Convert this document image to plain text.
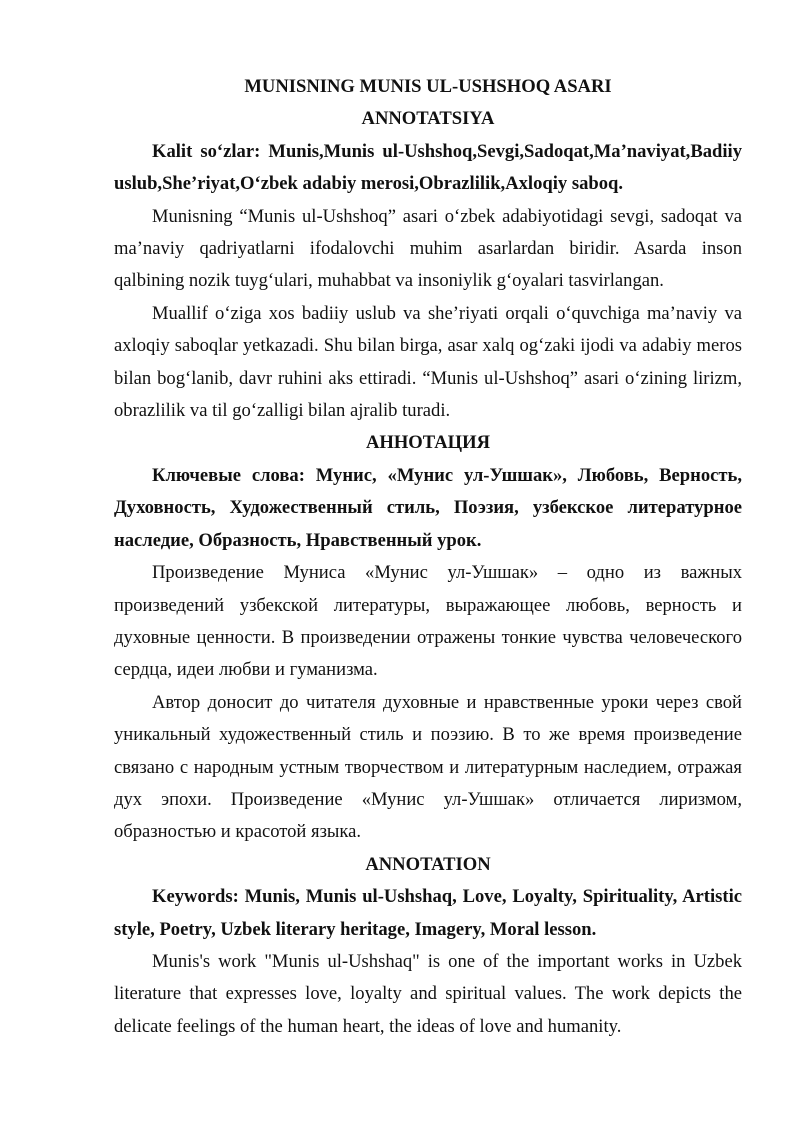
MUNISNING MUNIS UL-USHSHOQ ASARI

ANNOTATSIYA

Kalit so‘zlar: Munis,Munis ul-Ushshoq,Sevgi,Sadoqat,Ma’naviyat,Badiiy uslub,She’riyat,O‘zbek adabiy merosi,Obrazlilik,Axloqiy saboq.

Munisning “Munis ul-Ushshoq” asari o‘zbek adabiyotidagi sevgi, sadoqat va ma’naviy qadriyatlarni ifodalovchi muhim asarlardan biridir. Asarda inson qalbining nozik tuyg‘ulari, muhabbat va insoniylik g‘oyalari tasvirlangan.

Muallif o‘ziga xos badiiy uslub va she’riyati orqali o‘quvchiga ma’naviy va axloqiy saboqlar yetkazadi. Shu bilan birga, asar xalq og‘zaki ijodi va adabiy meros bilan bog‘lanib, davr ruhini aks ettiradi. “Munis ul-Ushshoq” asari o‘zining lirizm, obrazlilik va til go‘zalligi bilan ajralib turadi.

АННОТАЦИЯ

Ключевые слова: Мунис, «Мунис ул-Ушшак», Любовь, Верность, Духовность, Художественный стиль, Поэзия, узбекское литературное наследие, Образность, Нравственный урок.

Произведение Муниса «Мунис ул-Ушшак» – одно из важных произведений узбекской литературы, выражающее любовь, верность и духовные ценности. В произведении отражены тонкие чувства человеческого сердца, идеи любви и гуманизма.

Автор доносит до читателя духовные и нравственные уроки через свой уникальный художественный стиль и поэзию. В то же время произведение связано с народным устным творчеством и литературным наследием, отражая дух эпохи. Произведение «Мунис ул-Ушшак» отличается лиризмом, образностью и красотой языка.

ANNOTATION

Keywords: Munis, Munis ul-Ushshaq, Love, Loyalty, Spirituality, Artistic style, Poetry, Uzbek literary heritage, Imagery, Moral lesson.

Munis's work "Munis ul-Ushshaq" is one of the important works in Uzbek literature that expresses love, loyalty and spiritual values. The work depicts the delicate feelings of the human heart, the ideas of love and humanity.
